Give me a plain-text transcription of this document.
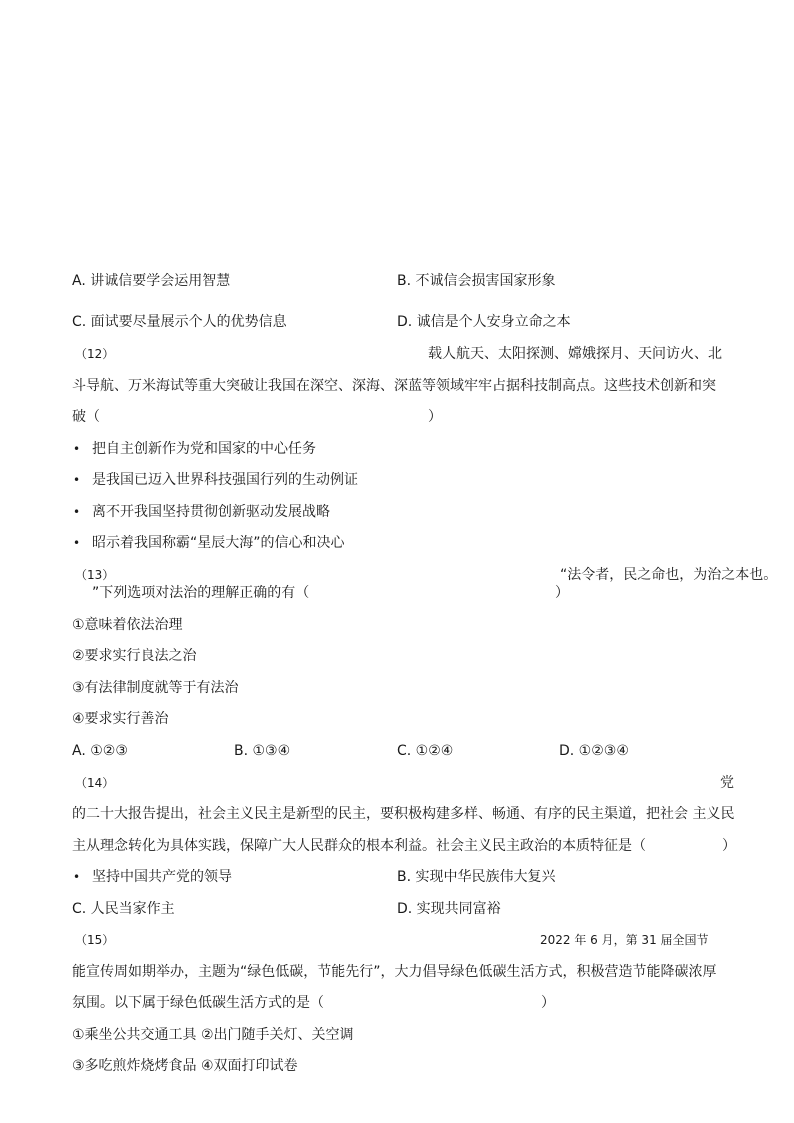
A. 讲诚信要学会运用智慧	B. 不诚信会损害国家形象
C. 面试要尽量展示个人的优势信息	D. 诚信是个人安身立命之本
（12）	载人航天、太阳探测、嫦娥探月、天问访火、北
斗导航、万米海试等重大突破让我国在深空、深海、深蓝等领域牢牢占据科技制高点。这些技术创新和突
破（	）
• 把自主创新作为党和国家的中心任务
• 是我国已迈入世界科技强国行列的生动例证
• 离不开我国坚持贯彻创新驱动发展战略
• 昭示着我国称霸“星辰大海”的信心和决心
（13）	“法令者，民之命也，为治之本也。
”下列选项对法治的理解正确的有（	）
①意味着依法治理
②要求实行良法之治
③有法律制度就等于有法治
④要求实行善治
A. ①②③	B. ①③④	C. ①②④	D. ①②③④
（14）	党
的二十大报告提出，社会主义民主是新型的民主，要积极构建多样、畅通、有序的民主渠道，把社会 主义民
主从理念转化为具体实践，保障广大人民群众的根本利益。社会主义民主政治的本质特征是（	）
• 坚持中国共产党的领导	B. 实现中华民族伟大复兴
C. 人民当家作主	D. 实现共同富裕
（15）	2022 年 6 月，第 31 届全国节
能宣传周如期举办，主题为“绿色低碳，节能先行”，大力倡导绿色低碳生活方式，积极营造节能降碳浓厚
氛围。以下属于绿色低碳生活方式的是（	）
①乘坐公共交通工具 ②出门随手关灯、关空调
③多吃煎炸烧烤食品 ④双面打印试卷
